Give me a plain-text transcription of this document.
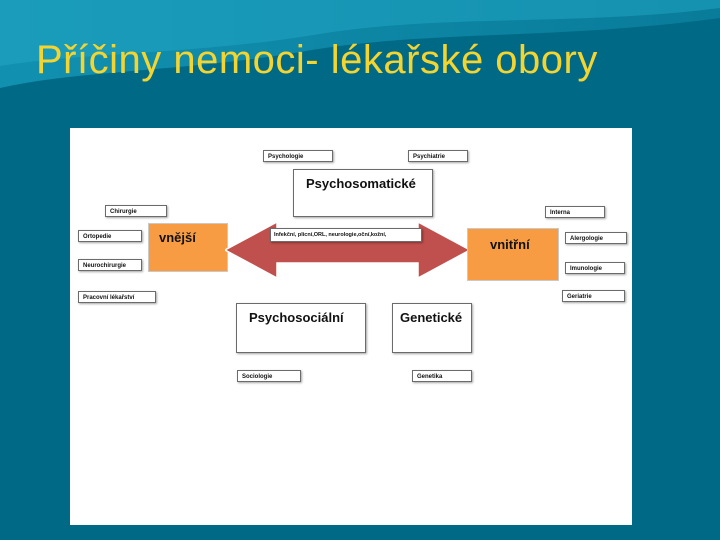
Příčiny nemoci- lékařské obory
Psychologie	Psychiatrie
Psychosomatické
Chirurgie
Ortopedie
Neurochirurgie
Pracovní lékařství
vnější	Infekční, plicní,ORL, neurologie,oční,kožní,
vnitřní
Interna
Alergologie
Imunologie
Geriatrie
Psychosociální	Genetické
Sociologie	Genetika
